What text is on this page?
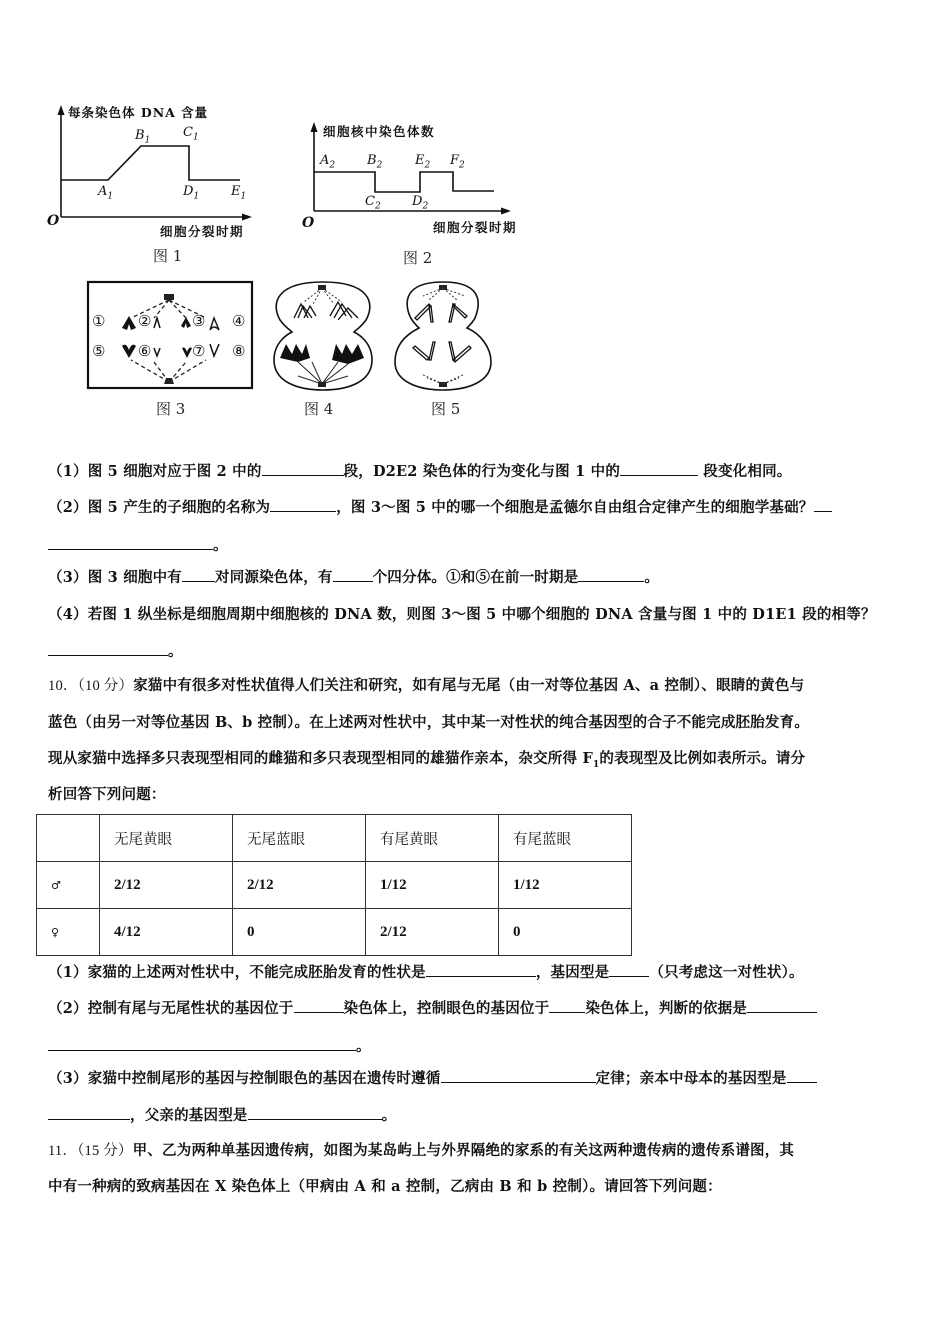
每条染色体 DNA 含量
O
$A_1$
$B_1$
$C_1$
$D_1$ $E_1$
细胞分裂时期
图 1
细胞核中染色体数
O
$A_2$ $B_2$
$C_2$ $D_2$
$E_2$ $F_2$
细胞分裂时期
图 2
① ②	③ ④
⑤ ⑥	⑦ ⑧
图 3	图 4	图 5
（1）图 5 细胞对应于图 2 中的	段，D2E2 染色体的行为变化与图 1 中的	段变化相同。
（2）图 5 产生的子细胞的名称为	，图 3～图 5 中的哪一个细胞是孟德尔自由组合定律产生的细胞学基础？
。
（3）图 3 细胞中有 对同源染色体，有	个四分体。①和⑤在前一时期是	。
（4）若图 1 纵坐标是细胞周期中细胞核的 DNA 数，则图 3～图 5 中哪个细胞的 DNA 含量与图 1 中的 D1E1 段的相等？
。
10．（10 分）家猫中有很多对性状值得人们关注和研究，如有尾与无尾（由一对等位基因 A、a 控制）、眼睛的黄色与
蓝色（由另一对等位基因 B、b 控制）。在上述两对性状中，其中某一对性状的纯合基因型的合子不能完成胚胎发育。
现从家猫中选择多只表现型相同的雌猫和多只表现型相同的雄猫作亲本，杂交所得 $F_1$的表现型及比例如表所示。请分
析回答下列问题：
	无尾黄眼	无尾蓝眼	有尾黄眼	有尾蓝眼
♂	2/12	2/12	1/12	1/12
♀	4/12	0	2/12	0
（1）家猫的上述两对性状中，不能完成胚胎发育的性状是	，基因型是	（只考虑这一对性状）。
（2）控制有尾与无尾性状的基因位于	染色体上，控制眼色的基因位于 染色体上，判断的依据是
。
（3）家猫中控制尾形的基因与控制眼色的基因在遗传时遵循	定律；亲本中母本的基因型是
，父亲的基因型是	。
11．（15 分）甲、乙为两种单基因遗传病，如图为某岛屿上与外界隔绝的家系的有关这两种遗传病的遗传系谱图，其
中有一种病的致病基因在 X 染色体上（甲病由 A 和 a 控制，乙病由 B 和 b 控制）。请回答下列问题：
